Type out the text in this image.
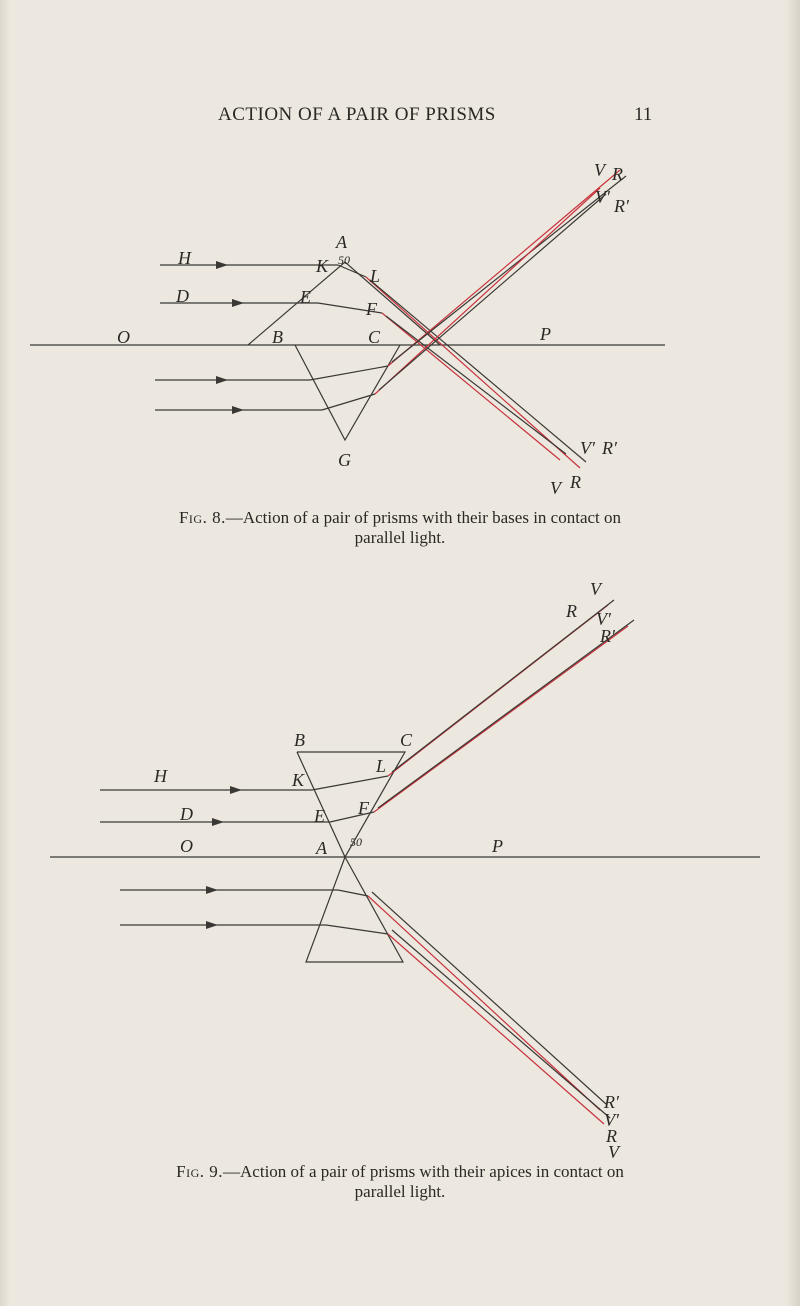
ACTION OF A PAIR OF PRISMS	11
H
D
O
A
K 50
L
E
F
B	C
G
P
V R
V′ R′
V′ R′
V R
Fig. 8.—Action of a pair of prisms with their bases in contact on
parallel light.
H
D
O
B	C
K
L
E F
A 50	P
V
R V′
R′
R′
V′
R
V
Fig. 9.—Action of a pair of prisms with their apices in contact on
parallel light.
